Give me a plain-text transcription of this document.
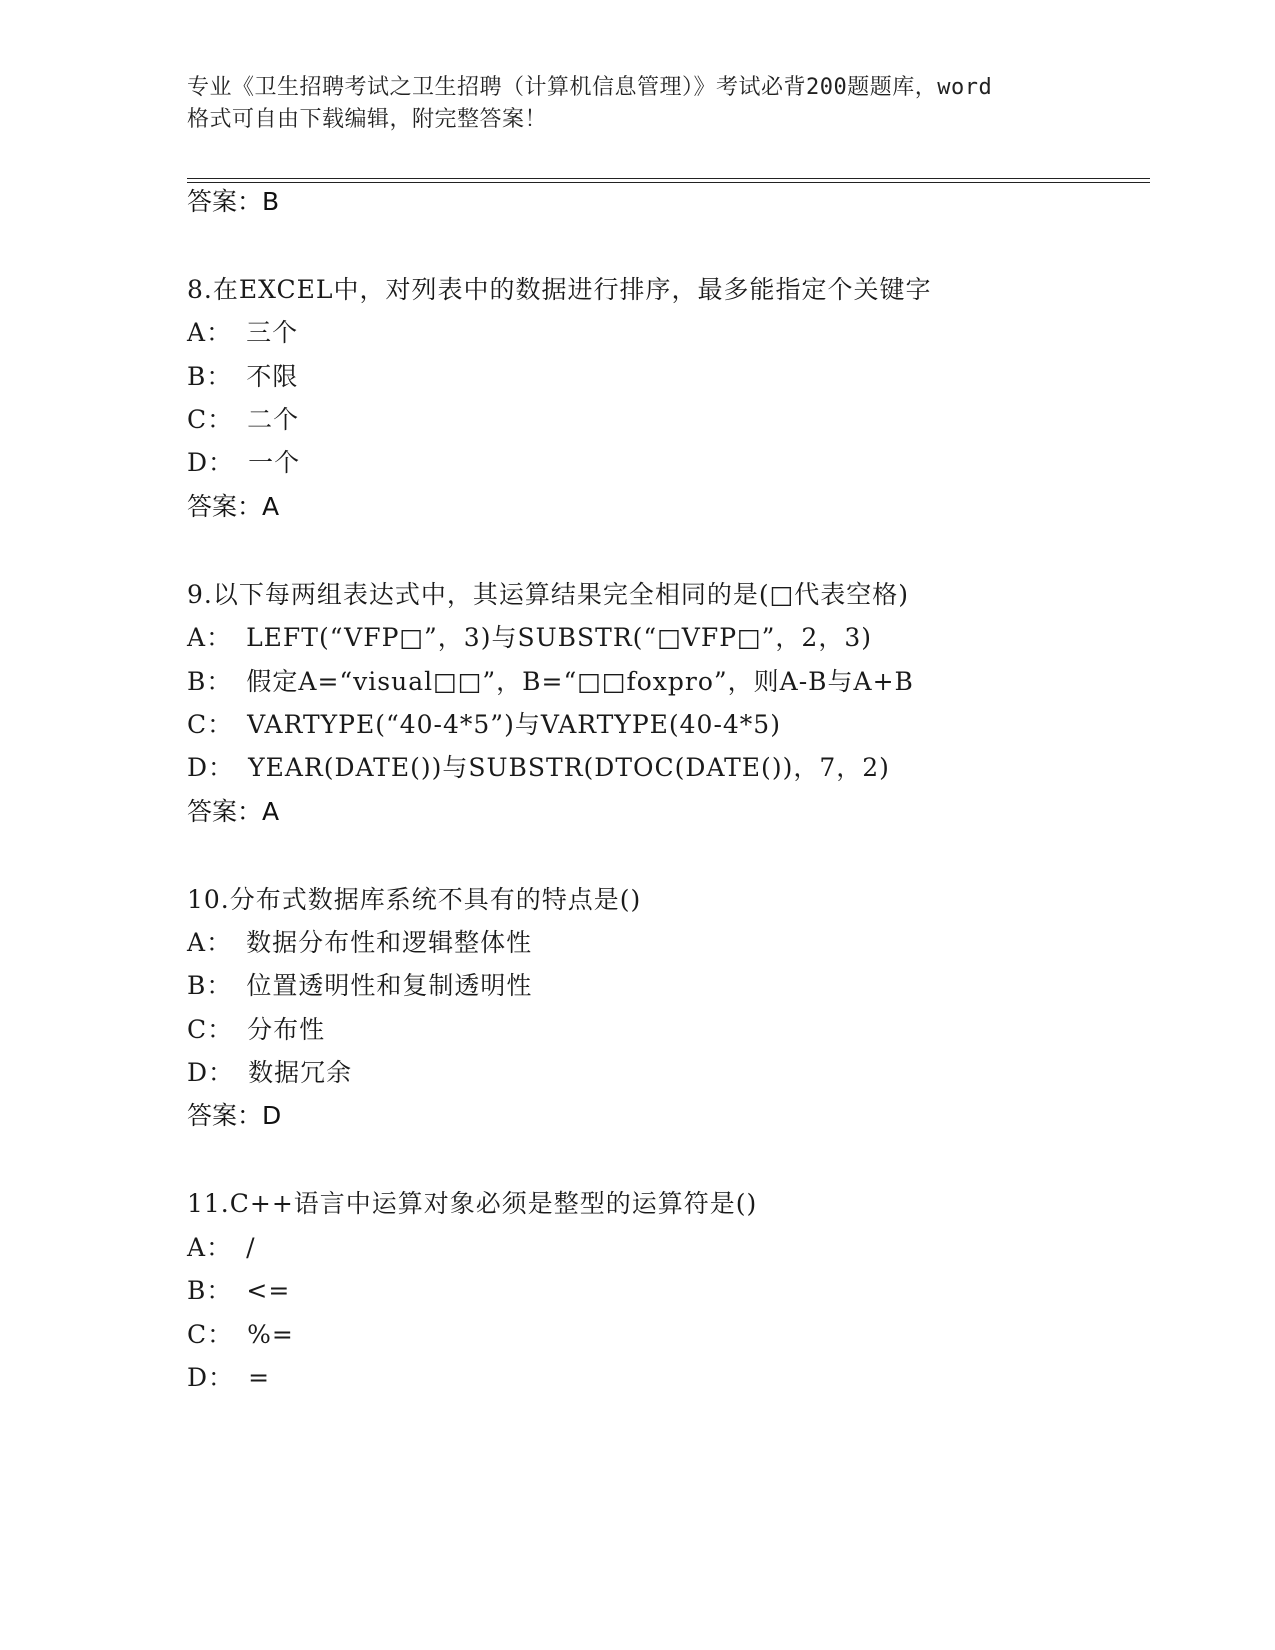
专业《卫生招聘考试之卫生招聘（计算机信息管理）》考试必背200题题库，word
格式可自由下载编辑，附完整答案！
答案：B
8.在EXCEL中，对列表中的数据进行排序，最多能指定个关键字
A： 三个
B： 不限
C： 二个
D： 一个
答案：A
9.以下每两组表达式中，其运算结果完全相同的是(□代表空格)
A： LEFT(“VFP□”，3)与SUBSTR(“□VFP□”，2，3)
B： 假定A=“visual□□”，B=“□□foxpro”，则A-B与A+B
C： VARTYPE(“40-4*5”)与VARTYPE(40-4*5)
D： YEAR(DATE())与SUBSTR(DTOC(DATE())，7，2)
答案：A
10.分布式数据库系统不具有的特点是()
A： 数据分布性和逻辑整体性
B： 位置透明性和复制透明性
C： 分布性
D： 数据冗余
答案：D
11.C++语言中运算对象必须是整型的运算符是()
A： /
B： <=
C： %=
D： =
